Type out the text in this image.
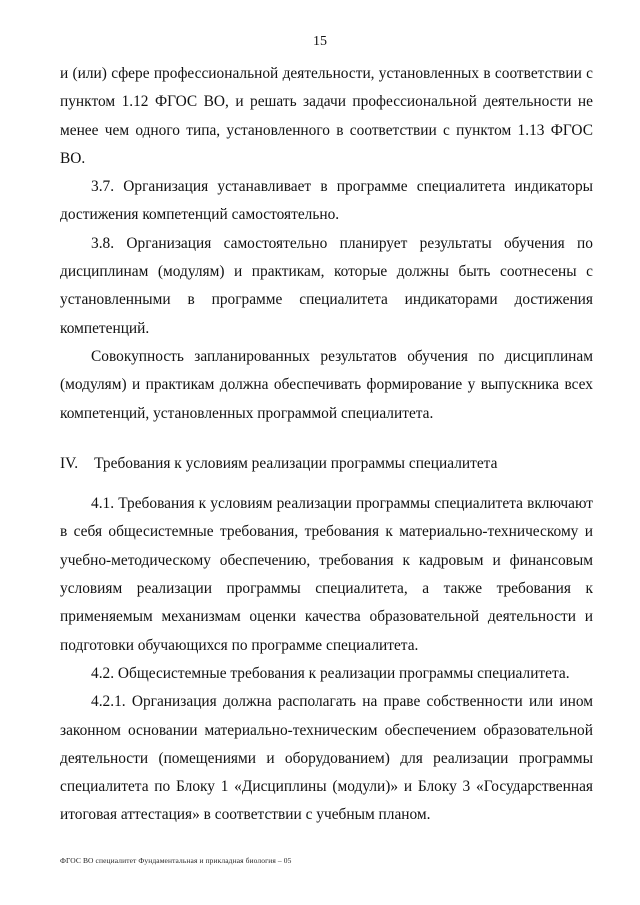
15

и (или) сфере профессиональной деятельности, установленных в соответствии с пунктом 1.12 ФГОС ВО, и решать задачи профессиональной деятельности не менее чем одного типа, установленного в соответствии с пунктом 1.13 ФГОС ВО.

3.7. Организация устанавливает в программе специалитета индикаторы достижения компетенций самостоятельно.

3.8. Организация самостоятельно планирует результаты обучения по дисциплинам (модулям) и практикам, которые должны быть соотнесены с установленными в программе специалитета индикаторами достижения компетенций.

Совокупность запланированных результатов обучения по дисциплинам (модулям) и практикам должна обеспечивать формирование у выпускника всех компетенций, установленных программой специалитета.

IV. Требования к условиям реализации программы специалитета

4.1. Требования к условиям реализации программы специалитета включают в себя общесистемные требования, требования к материально-техническому и учебно-методическому обеспечению, требования к кадровым и финансовым условиям реализации программы специалитета, а также требования к применяемым механизмам оценки качества образовательной деятельности и подготовки обучающихся по программе специалитета.

4.2. Общесистемные требования к реализации программы специалитета.

4.2.1. Организация должна располагать на праве собственности или ином законном основании материально-техническим обеспечением образовательной деятельности (помещениями и оборудованием) для реализации программы специалитета по Блоку 1 «Дисциплины (модули)» и Блоку 3 «Государственная итоговая аттестация» в соответствии с учебным планом.

ФГОС ВО специалитет Фундаментальная и прикладная биология – 05
